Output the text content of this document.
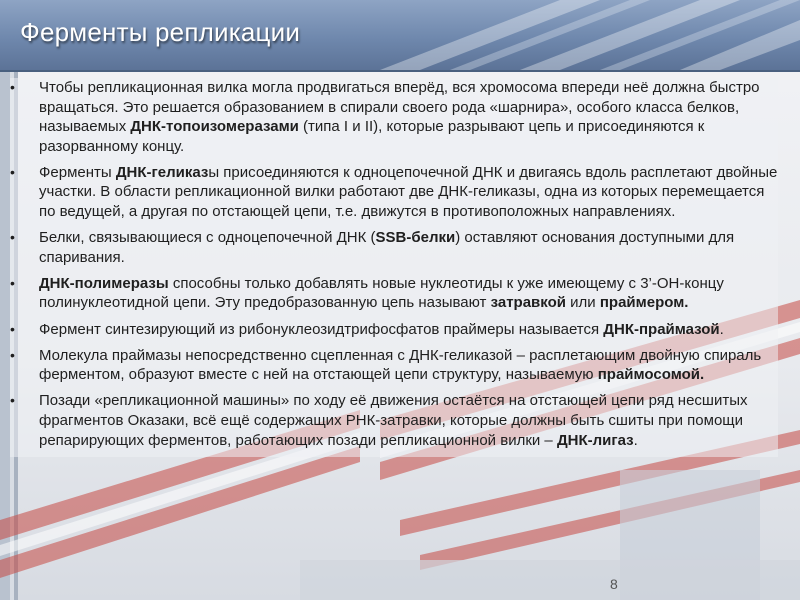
Ферменты репликации
• Чтобы репликационная вилка могла продвигаться вперёд, вся хромосома впереди неё должна быстро вращаться. Это решается образованием в спирали своего рода «шарнира», особого класса белков, называемых ДНК-топоизомеразами (типа I и II), которые разрывают цепь и присоединяются к разорванному концу.
• Ферменты ДНК-геликазы присоединяются к одноцепочечной ДНК и двигаясь вдоль расплетают двойные участки. В области репликационной вилки работают две ДНК-геликазы, одна из которых перемещается по ведущей, а другая по отстающей цепи, т.е. движутся в противоположных направлениях.
• Белки, связывающиеся с одноцепочечной ДНК (SSB-белки) оставляют основания доступными для спаривания.
• ДНК-полимеразы способны только добавлять новые нуклеотиды к уже имеющему с 3’-ОН-концу полинуклеотидной цепи. Эту предобразованную цепь называют затравкой или праймером.
• Фермент синтезирующий из рибонуклеозидтрифосфатов праймеры называется ДНК-праймазой.
• Молекула праймазы непосредственно сцепленная с ДНК-геликазой – расплетающим двойную спираль ферментом, образуют вместе с ней на отстающей цепи структуру, называемую праймосомой.
• Позади «репликационной машины» по ходу её движения остаётся на отстающей цепи ряд несшитых фрагментов Оказаки, всё ещё содержащих РНК-затравки, которые должны быть сшиты при помощи репарирующих ферментов, работающих позади репликационной вилки – ДНК-лигаз.
8
